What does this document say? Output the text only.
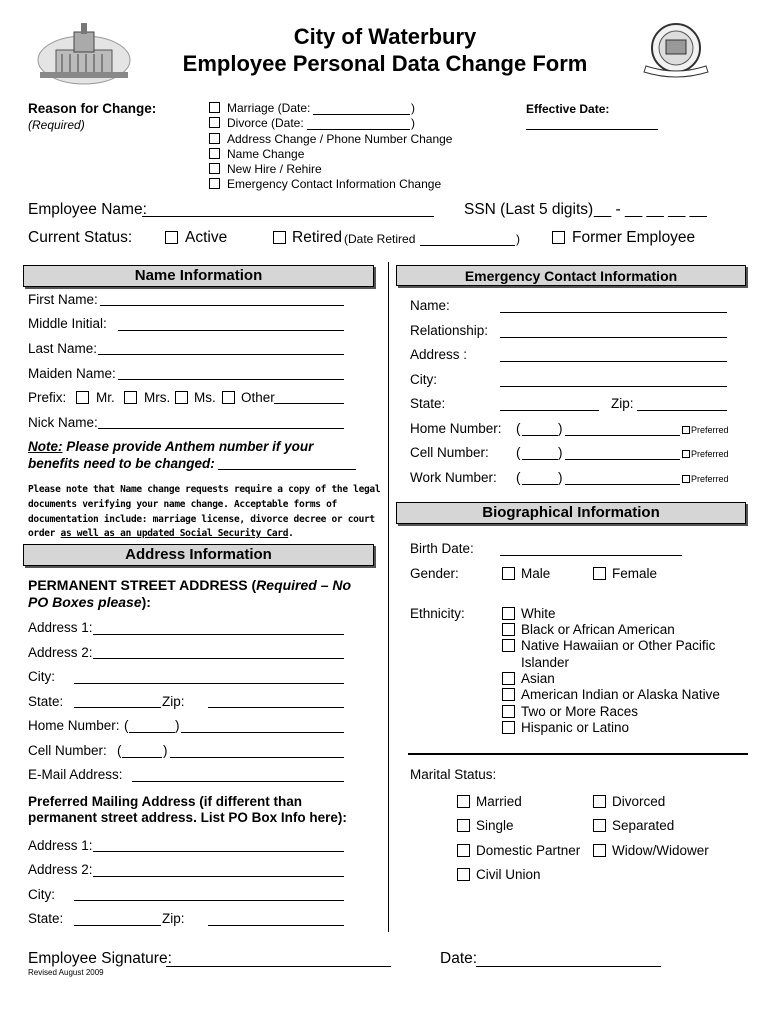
City of Waterbury
Employee Personal Data Change Form
Reason for Change:
(Required)
Marriage (Date:	)
Divorce (Date:	)
Address Change / Phone Number Change
Name Change
New Hire / Rehire
Emergency Contact Information Change
Effective Date:
Employee Name:	SSN (Last 5 digits) __ - __ __ __ __
Current Status:	Active	Retired (Date Retired	)	Former Employee
Name Information
First Name:
Middle Initial:
Last Name:
Maiden Name:
Prefix: Mr. Mrs. Ms. Other
Nick Name:
Note: Please provide Anthem number if your
benefits need to be changed:
Please note that Name change requests require a copy of the legal
documents verifying your name change. Acceptable forms of
documentation include: marriage license, divorce decree or court
order as well as an updated Social Security Card.
Address Information
PERMANENT STREET ADDRESS (Required – No
PO Boxes please):
Address 1:
Address 2:
City:
State:	Zip:
Home Number: (	)
Cell Number: (	)
E-Mail Address:
Preferred Mailing Address (if different than
permanent street address. List PO Box Info here):
Address 1:
Address 2:
City:
State:	Zip:
Emergency Contact Information
Name:
Relationship:
Address :
City:
State:	Zip:
Home Number: (	)	Preferred
Cell Number: (	)	Preferred
Work Number: (	)	Preferred
Biographical Information
Birth Date:
Gender:	Male	Female
Ethnicity:	White
Black or African American
Native Hawaiian or Other Pacific
Islander
Asian
American Indian or Alaska Native
Two or More Races
Hispanic or Latino
Marital Status:
Married	Divorced
Single	Separated
Domestic Partner Widow/Widower
Civil Union
Employee Signature:	Date:
Revised August 2009
